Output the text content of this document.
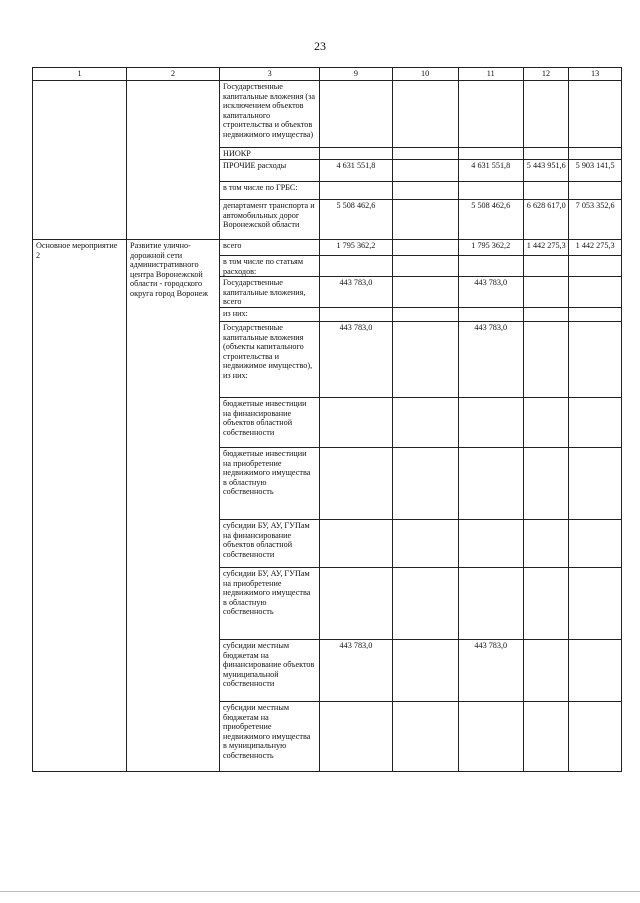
23
1	2	3	9	10	11	12	13
		Государственные капитальные вложения (за исключением объектов капитального строительства и объектов недвижимого имущества)					
		НИОКР					
		ПРОЧИЕ расходы	4 631 551,8		4 631 551,8	5 443 951,6	5 903 141,5
		в том числе по ГРБС:					
		департамент транспорта и автомобильных дорог Воронежской области	5 508 462,6		5 508 462,6	6 628 617,0	7 053 352,6
Основное мероприятие 2	Развитие улично-дорожной сети административного центра Воронежской области - городского округа город Воронеж	всего	1 795 362,2		1 795 362,2	1 442 275,3	1 442 275,3
		в том числе по статьям расходов:					
		Государственные капитальные вложения, всего	443 783,0		443 783,0		
		из них:					
		Государственные капитальные вложения (объекты капитального строительства и недвижимое имущество), из них:	443 783,0		443 783,0		
		бюджетные инвестиции на финансирование объектов областной собственности					
		бюджетные инвестиции на приобретение недвижимого имущества в областную собственность					
		субсидии БУ, АУ, ГУПам на финансирование объектов областной собственности					
		субсидии БУ, АУ, ГУПам на приобретение недвижимого имущества в областную собственность					
		субсидии местным бюджетам на финансирование объектов муниципальной собственности	443 783,0		443 783,0		
		субсидии местным бюджетам на приобретение недвижимого имущества в муниципальную собственность					
